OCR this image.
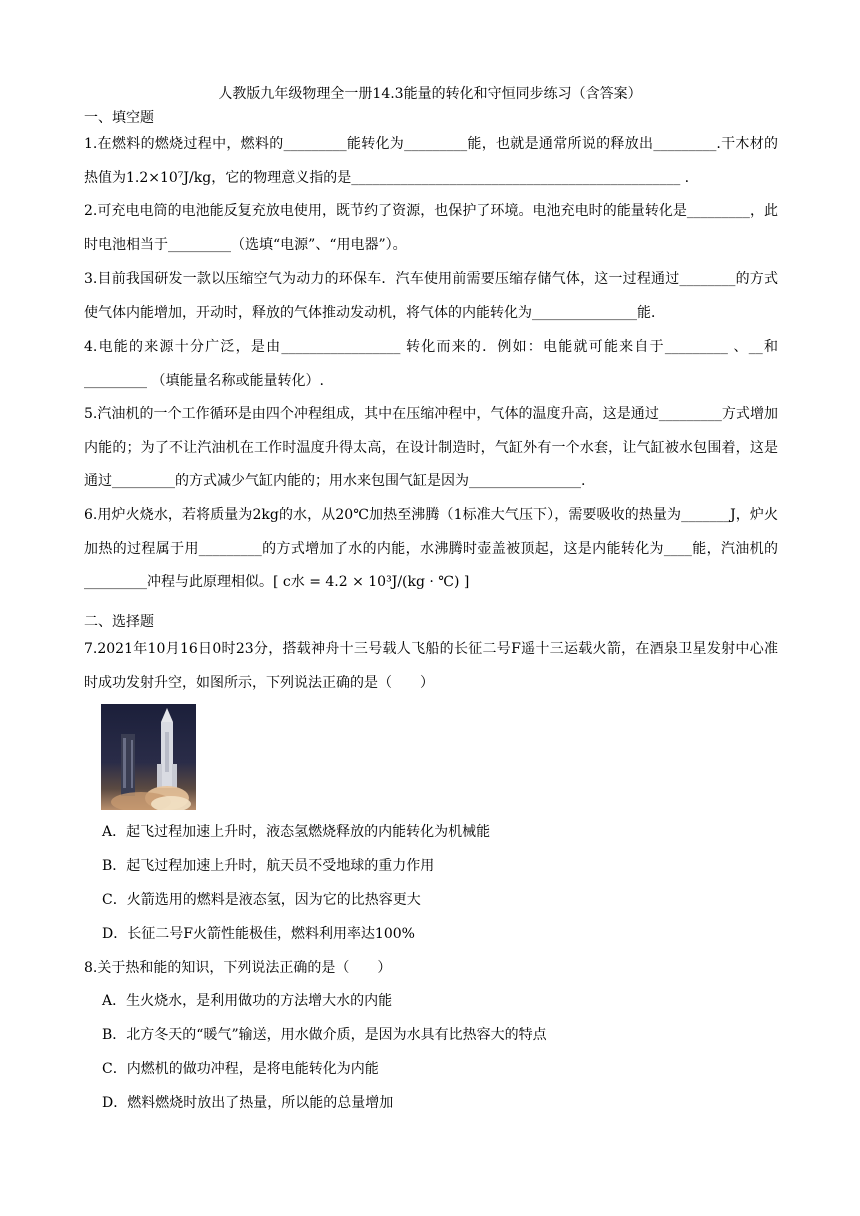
人教版九年级物理全一册14.3能量的转化和守恒同步练习（含答案）
一、填空题
1.在燃料的燃烧过程中，燃料的_________能转化为_________能，也就是通常所说的释放出_________.干木材的热值为1.2×10⁷J/kg，它的物理意义指的是_______________________________________________ .
2.可充电电筒的电池能反复充放电使用，既节约了资源，也保护了环境。电池充电时的能量转化是_________，此时电池相当于_________（选填“电源”、“用电器”）。
3.目前我国研发一款以压缩空气为动力的环保车．汽车使用前需要压缩存储气体，这一过程通过________的方式使气体内能增加，开动时，释放的气体推动发动机，将气体的内能转化为_______________能．
4.电能的来源十分广泛，是由_________________ 转化而来的．例如：电能就可能来自于_________ 、__和_________ （填能量名称或能量转化）.
5.汽油机的一个工作循环是由四个冲程组成，其中在压缩冲程中，气体的温度升高，这是通过_________方式增加内能的；为了不让汽油机在工作时温度升得太高，在设计制造时，气缸外有一个水套，让气缸被水包围着，这是通过_________的方式减少气缸内能的；用水来包围气缸是因为________________.
6.用炉火烧水，若将质量为2kg的水，从20℃加热至沸腾（1标准大气压下），需要吸收的热量为_______J，炉火加热的过程属于用_________的方式增加了水的内能，水沸腾时壶盖被顶起，这是内能转化为____能，汽油机的_________冲程与此原理相似。[ c水 = 4.2 × 10³J/(kg · ℃) ]
二、选择题
7.2021年10月16日0时23分，搭载神舟十三号载人飞船的长征二号F遥十三运载火箭，在酒泉卫星发射中心准时成功发射升空，如图所示，下列说法正确的是（　　）
A．起飞过程加速上升时，液态氢燃烧释放的内能转化为机械能
B．起飞过程加速上升时，航天员不受地球的重力作用
C．火箭选用的燃料是液态氢，因为它的比热容更大
D．长征二号F火箭性能极佳，燃料利用率达100%
8.关于热和能的知识，下列说法正确的是（　　）
A．生火烧水，是利用做功的方法增大水的内能
B．北方冬天的“暖气”输送，用水做介质，是因为水具有比热容大的特点
C．内燃机的做功冲程，是将电能转化为内能
D．燃料燃烧时放出了热量，所以能的总量增加
